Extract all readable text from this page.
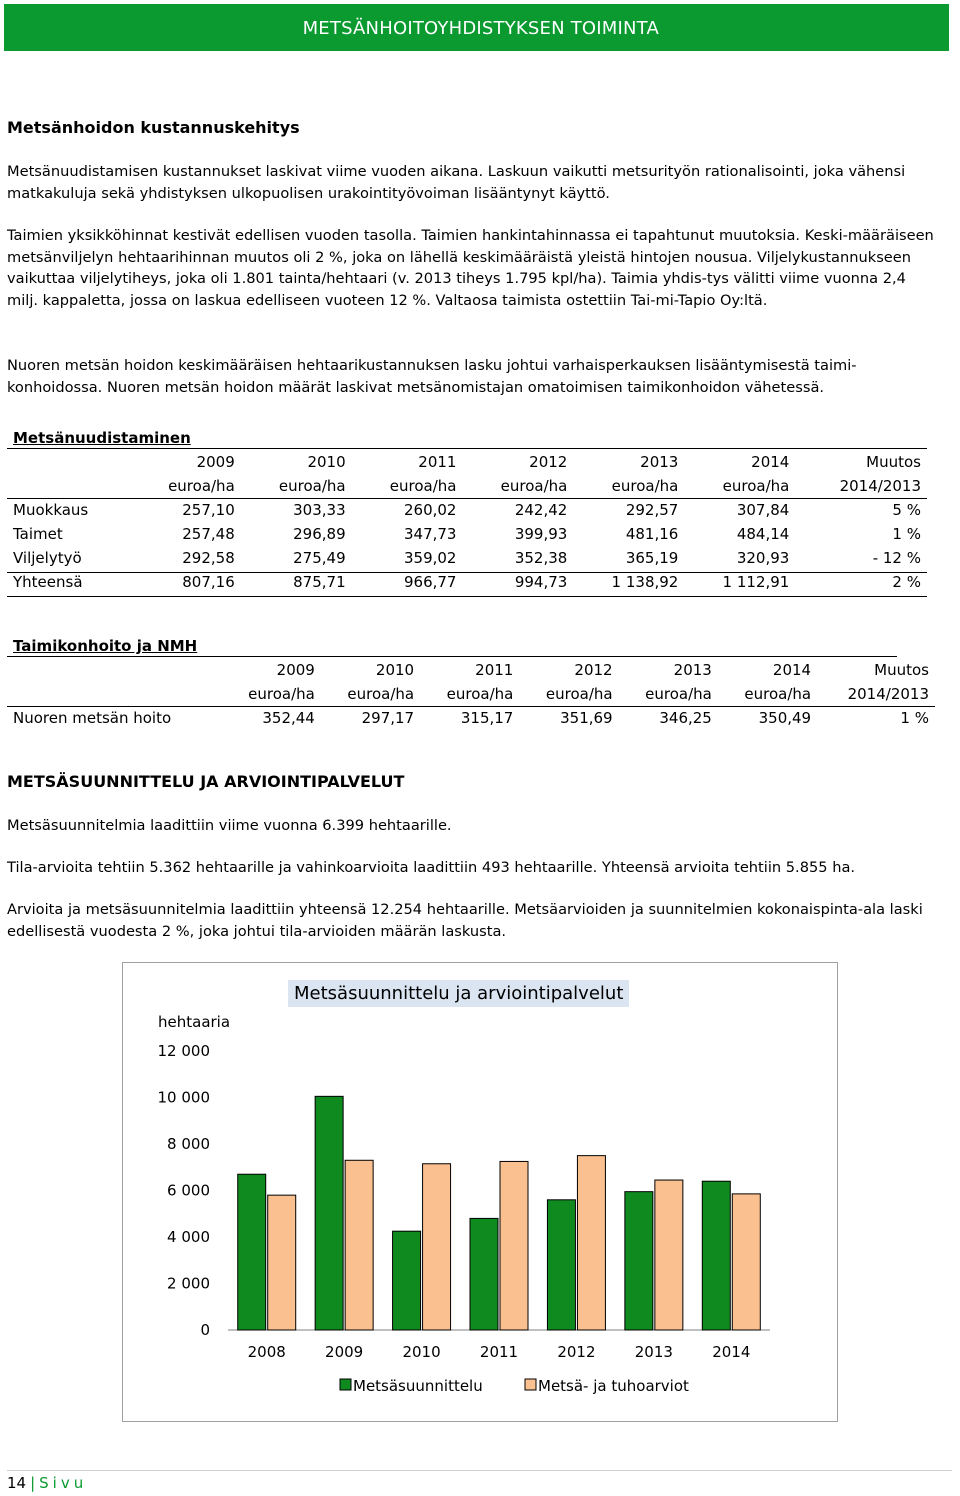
METSÄNHOITOYHDISTYKSEN TOIMINTA
Metsänhoidon kustannuskehitys

Metsänuudistamisen kustannukset laskivat viime vuoden aikana. Laskuun vaikutti metsurityön rationalisointi, joka vähensi matkakuluja sekä yhdistyksen ulkopuolisen urakointityövoiman lisääntynyt käyttö.

Taimien yksikköhinnat kestivät edellisen vuoden tasolla. Taimien hankintahinnassa ei tapahtunut muutoksia. Keski-määräiseen metsänviljelyn hehtaarihinnan muutos oli 2 %, joka on lähellä keskimääräistä yleistä hintojen nousua. Viljelykustannukseen vaikuttaa viljelytiheys, joka oli 1.801 tainta/hehtaari (v. 2013 tiheys 1.795 kpl/ha). Taimia yhdis-tys välitti viime vuonna 2,4 milj. kappaletta, jossa on laskua edelliseen vuoteen 12 %. Valtaosa taimista ostettiin Tai-mi-Tapio Oy:ltä.

Nuoren metsän hoidon keskimääräisen hehtaarikustannuksen lasku johtui varhaisperkauksen lisääntymisestä taimi-konhoidossa. Nuoren metsän hoidon määrät laskivat metsänomistajan omatoimisen taimikonhoidon vähetessä.

Metsänuudistaminen							
	2009	2010	2011	2012	2013	2014	Muutos
	euroa/ha	euroa/ha	euroa/ha	euroa/ha	euroa/ha	euroa/ha	2014/2013
Muokkaus	257,10	303,33	260,02	242,42	292,57	307,84	5 %
Taimet	257,48	296,89	347,73	399,93	481,16	484,14	1 %
Viljelytyö	292,58	275,49	359,02	352,38	365,19	320,93	- 12 %
Yhteensä	807,16	875,71	966,77	994,73	1 138,92	1 112,91	2 %
Taimikonhoito ja NMH							
	2009	2010	2011	2012	2013	2014	Muutos
	euroa/ha	euroa/ha	euroa/ha	euroa/ha	euroa/ha	euroa/ha	2014/2013
Nuoren metsän hoito	352,44	297,17	315,17	351,69	346,25	350,49	1 %
METSÄSUUNNITTELU JA ARVIOINTIPALVELUT

Metsäsuunnitelmia laadittiin viime vuonna 6.399 hehtaarille.

Tila-arvioita tehtiin 5.362 hehtaarille ja vahinkoarvioita laadittiin 493 hehtaarille. Yhteensä arvioita tehtiin 5.855 ha.

Arvioita ja metsäsuunnitelmia laadittiin yhteensä 12.254 hehtaarille. Metsäarvioiden ja suunnitelmien kokonaispinta-ala laski edellisestä vuodesta 2 %, joka johtui tila-arvioiden määrän laskusta.

Metsäsuunnittelu ja arviointipalvelut
hehtaaria
0
2 000
4 000
6 000
8 000
10 000
12 000
2008	2009	2010	2011	2012	2013	2014
Metsäsuunnittelu	Metsä- ja tuhoarviot
14 | Sivu
